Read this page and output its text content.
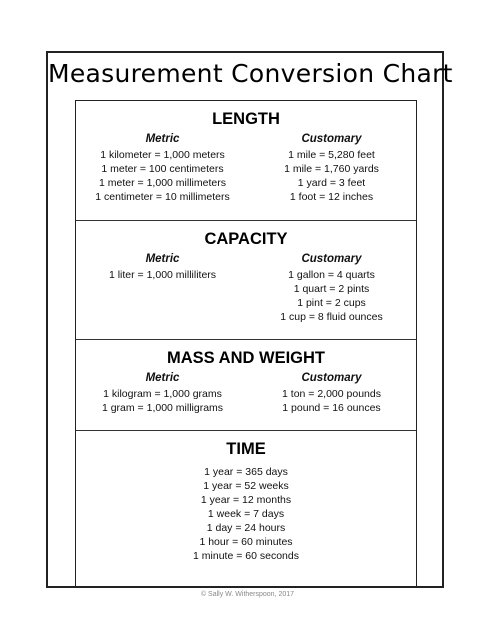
Measurement Conversion Chart
LENGTH
Metric
1 kilometer = 1,000 meters
1 meter = 100 centimeters
1 meter = 1,000 millimeters
1 centimeter = 10 millimeters
Customary
1 mile = 5,280 feet
1 mile = 1,760 yards
1 yard = 3 feet
1 foot = 12 inches
CAPACITY
Metric
1 liter = 1,000 milliliters
Customary
1 gallon = 4 quarts
1 quart = 2 pints
1 pint = 2 cups
1 cup = 8 fluid ounces
MASS AND WEIGHT
Metric
1 kilogram = 1,000 grams
1 gram = 1,000 milligrams
Customary
1 ton = 2,000 pounds
1 pound = 16 ounces
TIME
1 year = 365 days
1 year = 52 weeks
1 year = 12 months
1 week = 7 days
1 day = 24 hours
1 hour = 60 minutes
1 minute = 60 seconds
© Sally W. Witherspoon, 2017
